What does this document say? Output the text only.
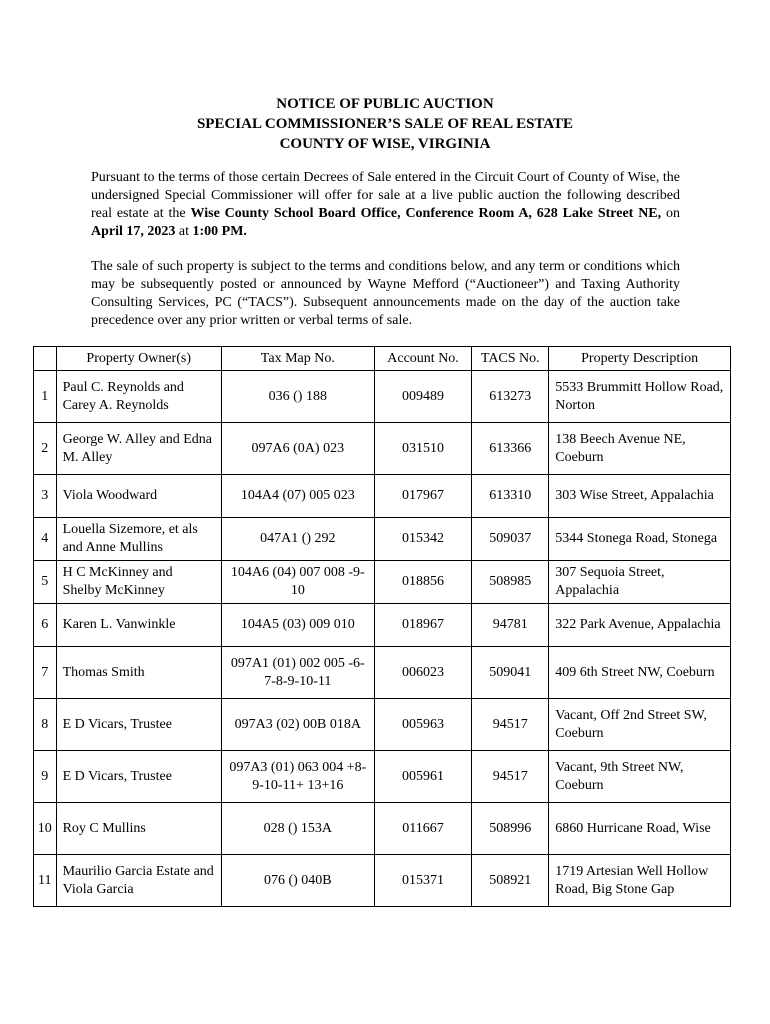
NOTICE OF PUBLIC AUCTION
SPECIAL COMMISSIONER’S SALE OF REAL ESTATE
COUNTY OF WISE, VIRGINIA
Pursuant to the terms of those certain Decrees of Sale entered in the Circuit Court of County of Wise, the undersigned Special Commissioner will offer for sale at a live public auction the following described real estate at the Wise County School Board Office, Conference Room A, 628 Lake Street NE, on April 17, 2023 at 1:00 PM.
The sale of such property is subject to the terms and conditions below, and any term or conditions which may be subsequently posted or announced by Wayne Mefford (“Auctioneer”) and Taxing Authority Consulting Services, PC (“TACS”). Subsequent announcements made on the day of the auction take precedence over any prior written or verbal terms of sale.
	Property Owner(s)	Tax Map No.	Account No.	TACS No.	Property Description
1	Paul C. Reynolds and Carey A. Reynolds	036 () 188	009489	613273	5533 Brummitt Hollow Road, Norton
2	George W. Alley and Edna M. Alley	097A6 (0A) 023	031510	613366	138 Beech Avenue NE, Coeburn
3	Viola Woodward	104A4 (07) 005 023	017967	613310	303 Wise Street, Appalachia
4	Louella Sizemore, et als and Anne Mullins	047A1 () 292	015342	509037	5344 Stonega Road, Stonega
5	H C McKinney and Shelby McKinney	104A6 (04) 007 008 -9-10	018856	508985	307 Sequoia Street, Appalachia
6	Karen L. Vanwinkle	104A5 (03) 009 010	018967	94781	322 Park Avenue, Appalachia
7	Thomas Smith	097A1 (01) 002 005 -6-7-8-9-10-11	006023	509041	409 6th Street NW, Coeburn
8	E D Vicars, Trustee	097A3 (02) 00B 018A	005963	94517	Vacant, Off 2nd Street SW, Coeburn
9	E D Vicars, Trustee	097A3 (01) 063 004 +8-9-10-11+ 13+16	005961	94517	Vacant, 9th Street NW, Coeburn
10	Roy C Mullins	028 () 153A	011667	508996	6860 Hurricane Road, Wise
11	Maurilio Garcia Estate and Viola Garcia	076 () 040B	015371	508921	1719 Artesian Well Hollow Road, Big Stone Gap
